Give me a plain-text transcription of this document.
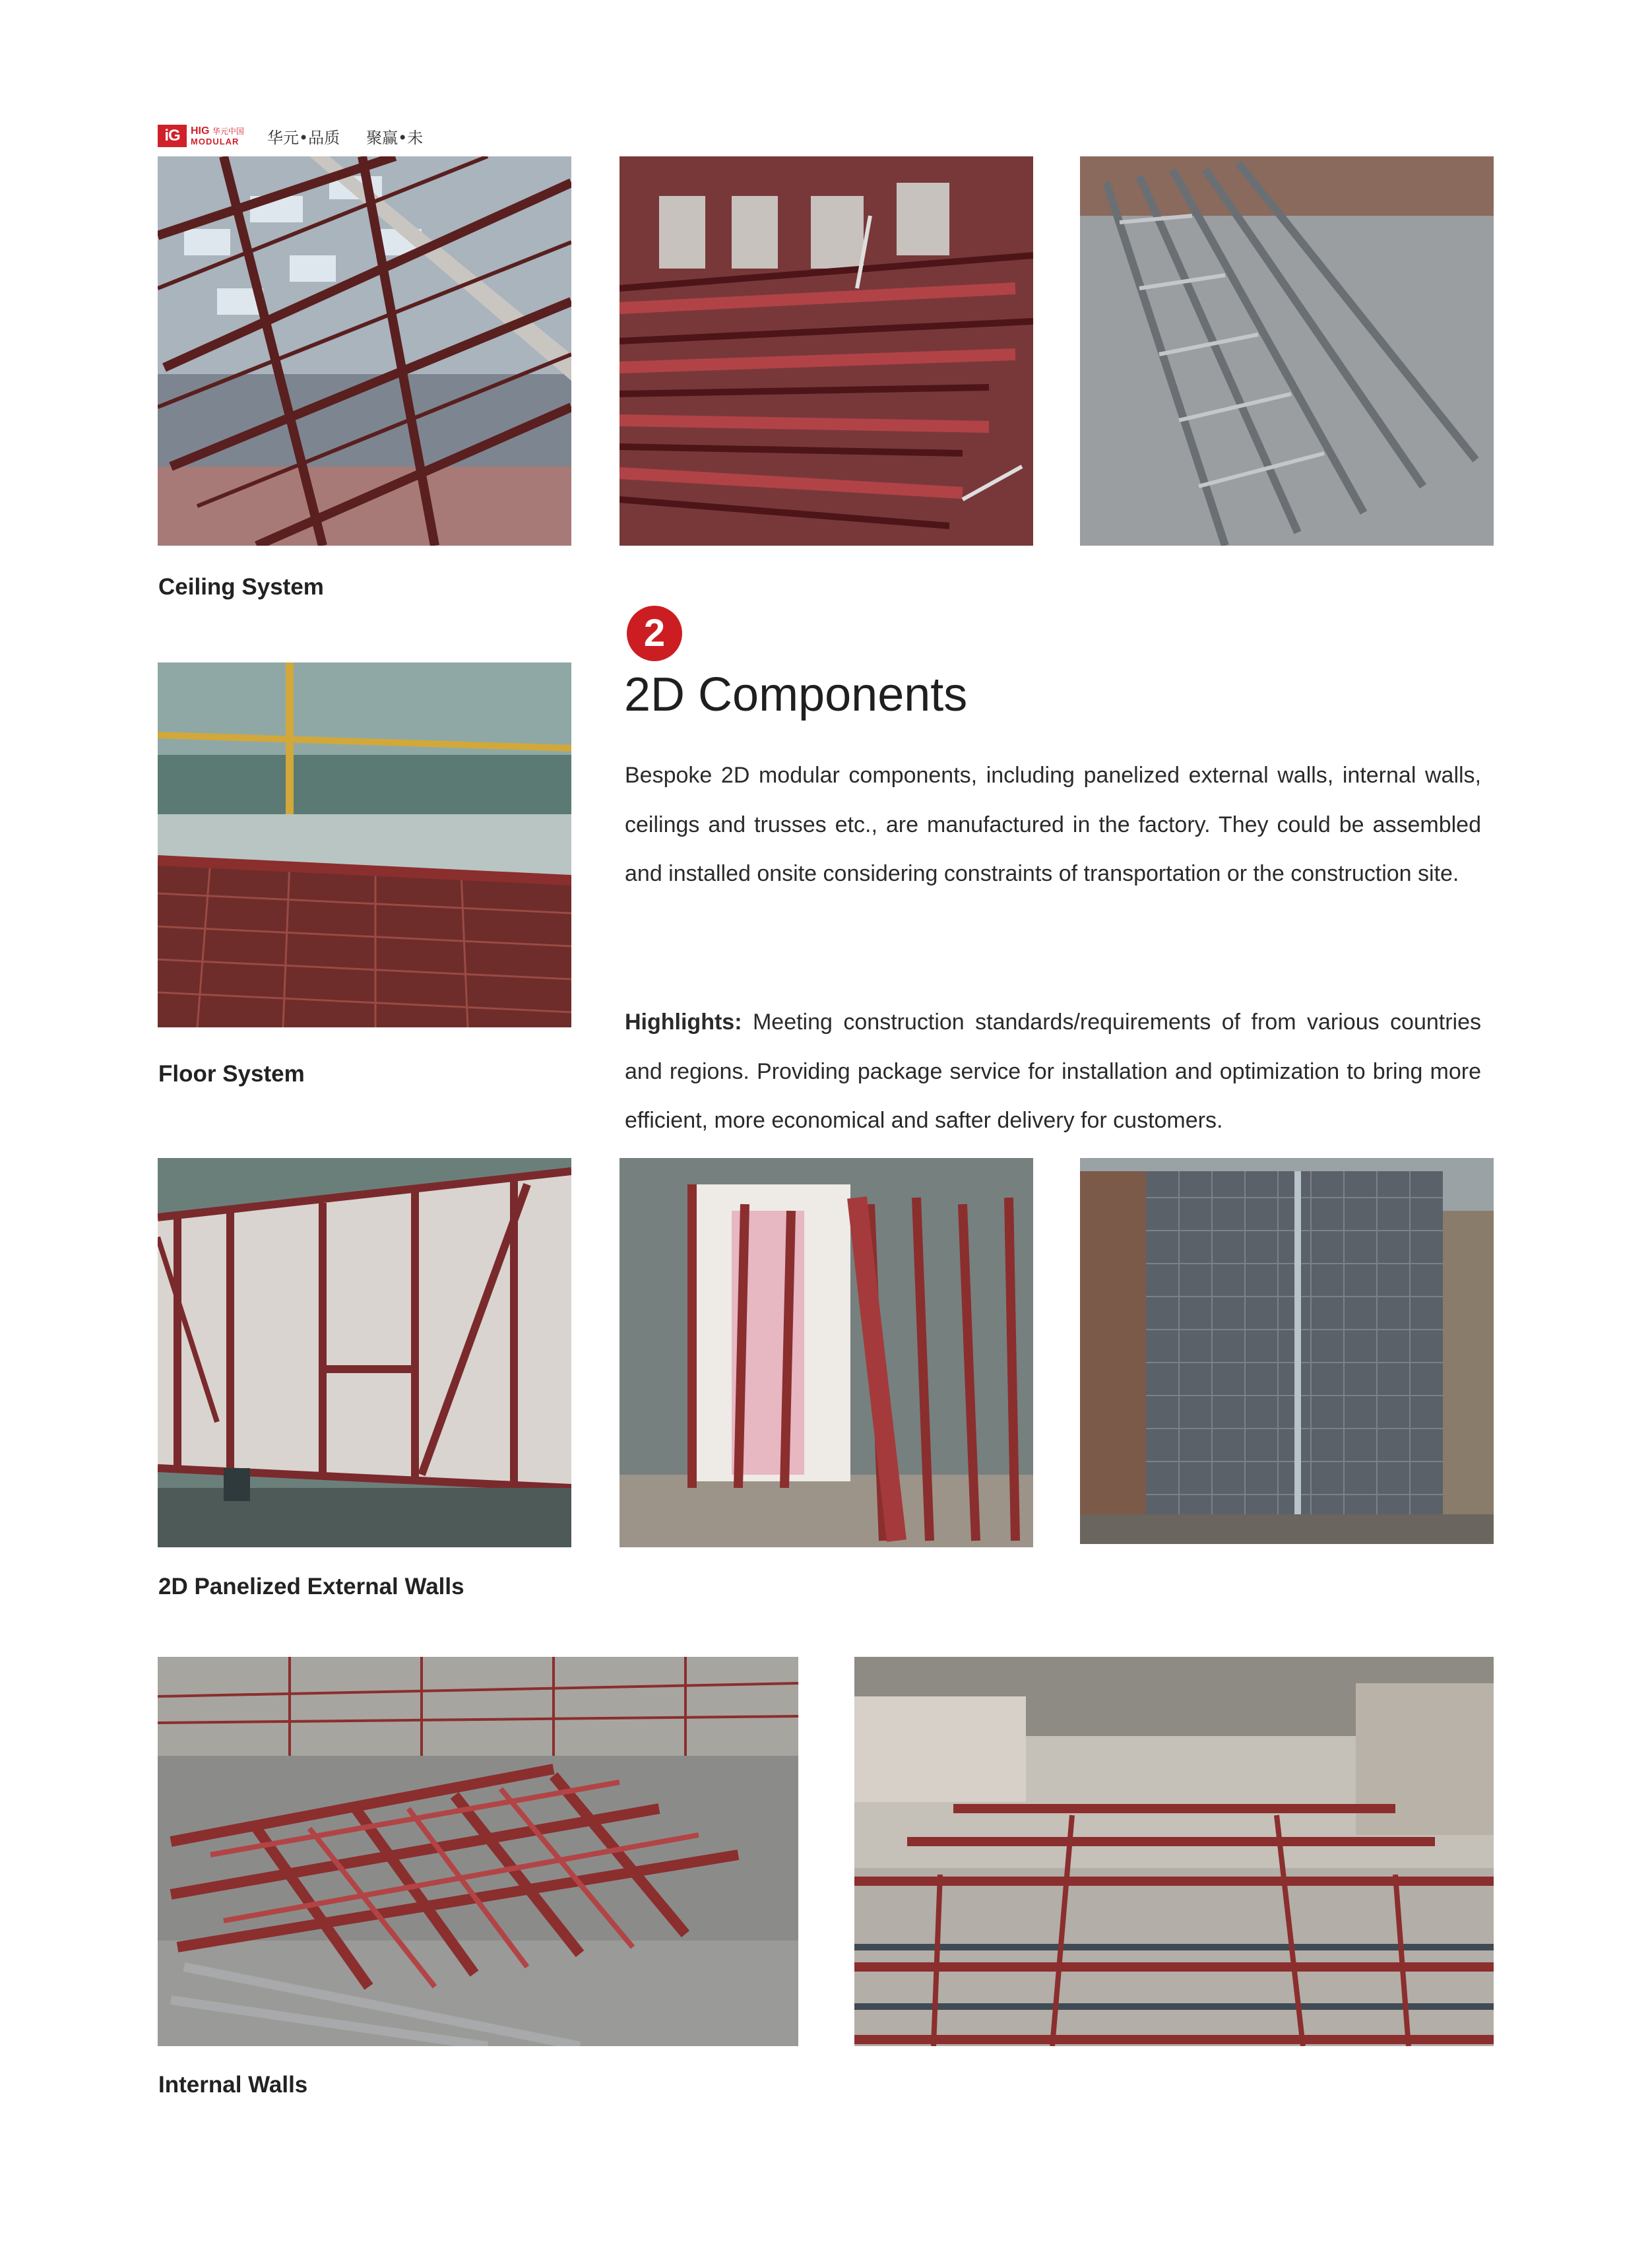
iG	HIG 华元中国
MODULAR	华元•品质 聚赢•未
Ceiling System
Floor System
2
2D Components
Bespoke 2D modular components, including panelized external walls, internal walls, ceilings and trusses etc., are manufactured in the factory. They could be assembled and installed onsite considering constraints of transportation or the construction site.
Highlights: Meeting construction standards/requirements of from various countries and regions. Providing package service for installation and optimization to bring more efficient, more economical and safter delivery for customers.
2D Panelized External Walls
Internal Walls
